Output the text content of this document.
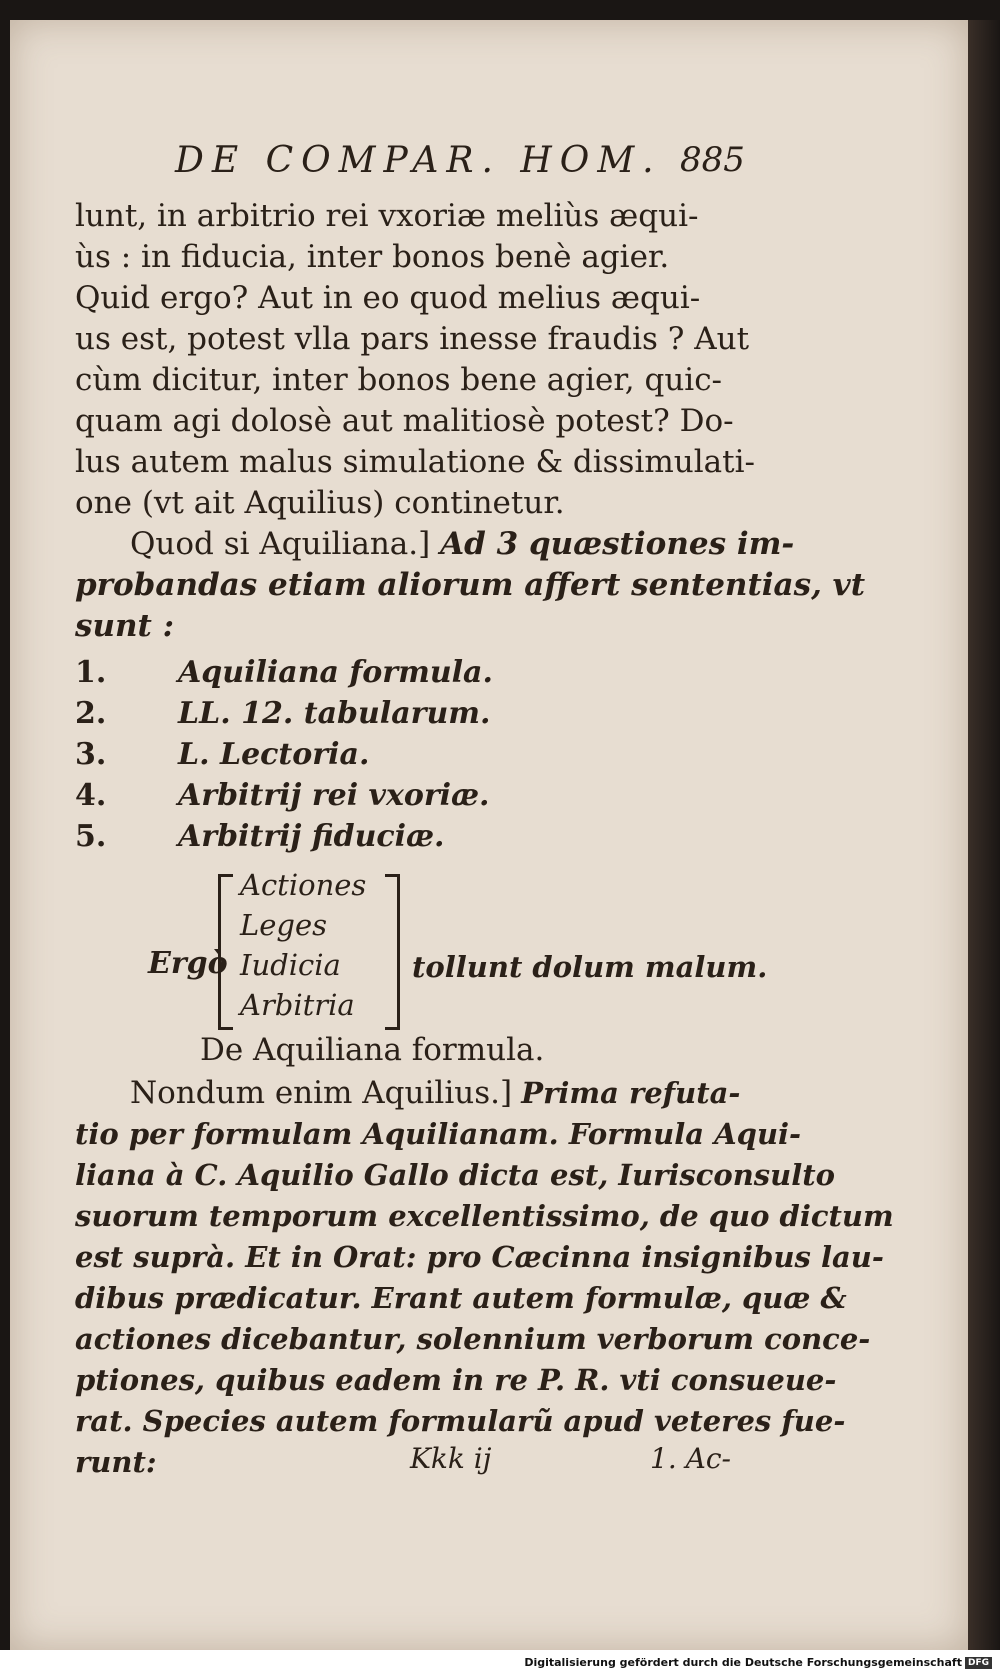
DE COMPAR. HOM. 885
lunt, in arbitrio rei vxoriæ meliùs æqui-
ùs : in fiducia, inter bonos benè agier.
Quid ergo? Aut in eo quod melius æqui-
us est, potest vlla pars inesse fraudis ? Aut
cùm dicitur, inter bonos bene agier, quic-
quam agi dolosè aut malitiosè potest? Do-
lus autem malus simulatione & dissimulati-
one (vt ait Aquilius) continetur.
Quod si Aquiliana.] Ad 3 quæstiones im-
probandas etiam aliorum affert sententias, vt
sunt :
1. Aquiliana formula.
2. LL. 12. tabularum.
3. L. Lectoria.
4. Arbitrij rei vxoriæ.
5. Arbitrij fiduciæ.
Ergò
Actiones
Leges
Iudicia
Arbitria
tollunt dolum malum.
De Aquiliana formula.
Nondum enim Aquilius.] Prima refuta-
tio per formulam Aquilianam. Formula Aqui-
liana à C. Aquilio Gallo dicta est, Iurisconsulto
suorum temporum excellentissimo, de quo dictum
est suprà. Et in Orat: pro Cæcinna insignibus lau-
dibus prædicatur. Erant autem formulæ, quæ &
actiones dicebantur, solennium verborum conce-
ptiones, quibus eadem in re P. R. vti consueue-
rat. Species autem formularũ apud veteres fue-
runt:	Kkk ij	1. Ac-
Digitalisierung gefördert durch die Deutsche Forschungsgemeinschaft DFG
